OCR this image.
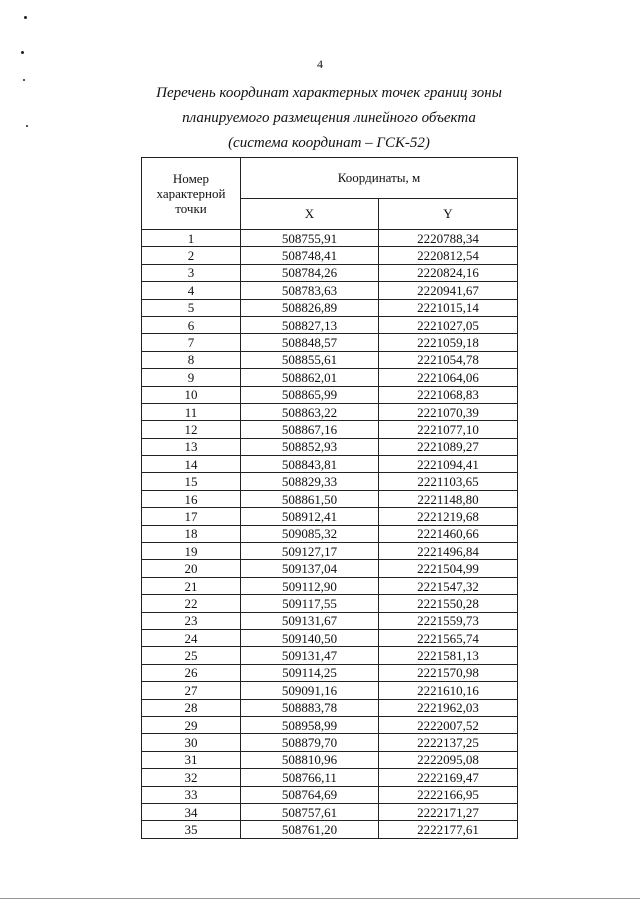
4
Перечень координат характерных точек границ зоны
планируемого размещения линейного объекта
(система координат – ГСК-52)
Номер характерной точки	Координаты, м	
	X	Y
1	508755,91	2220788,34
2	508748,41	2220812,54
3	508784,26	2220824,16
4	508783,63	2220941,67
5	508826,89	2221015,14
6	508827,13	2221027,05
7	508848,57	2221059,18
8	508855,61	2221054,78
9	508862,01	2221064,06
10	508865,99	2221068,83
11	508863,22	2221070,39
12	508867,16	2221077,10
13	508852,93	2221089,27
14	508843,81	2221094,41
15	508829,33	2221103,65
16	508861,50	2221148,80
17	508912,41	2221219,68
18	509085,32	2221460,66
19	509127,17	2221496,84
20	509137,04	2221504,99
21	509112,90	2221547,32
22	509117,55	2221550,28
23	509131,67	2221559,73
24	509140,50	2221565,74
25	509131,47	2221581,13
26	509114,25	2221570,98
27	509091,16	2221610,16
28	508883,78	2221962,03
29	508958,99	2222007,52
30	508879,70	2222137,25
31	508810,96	2222095,08
32	508766,11	2222169,47
33	508764,69	2222166,95
34	508757,61	2222171,27
35	508761,20	2222177,61
